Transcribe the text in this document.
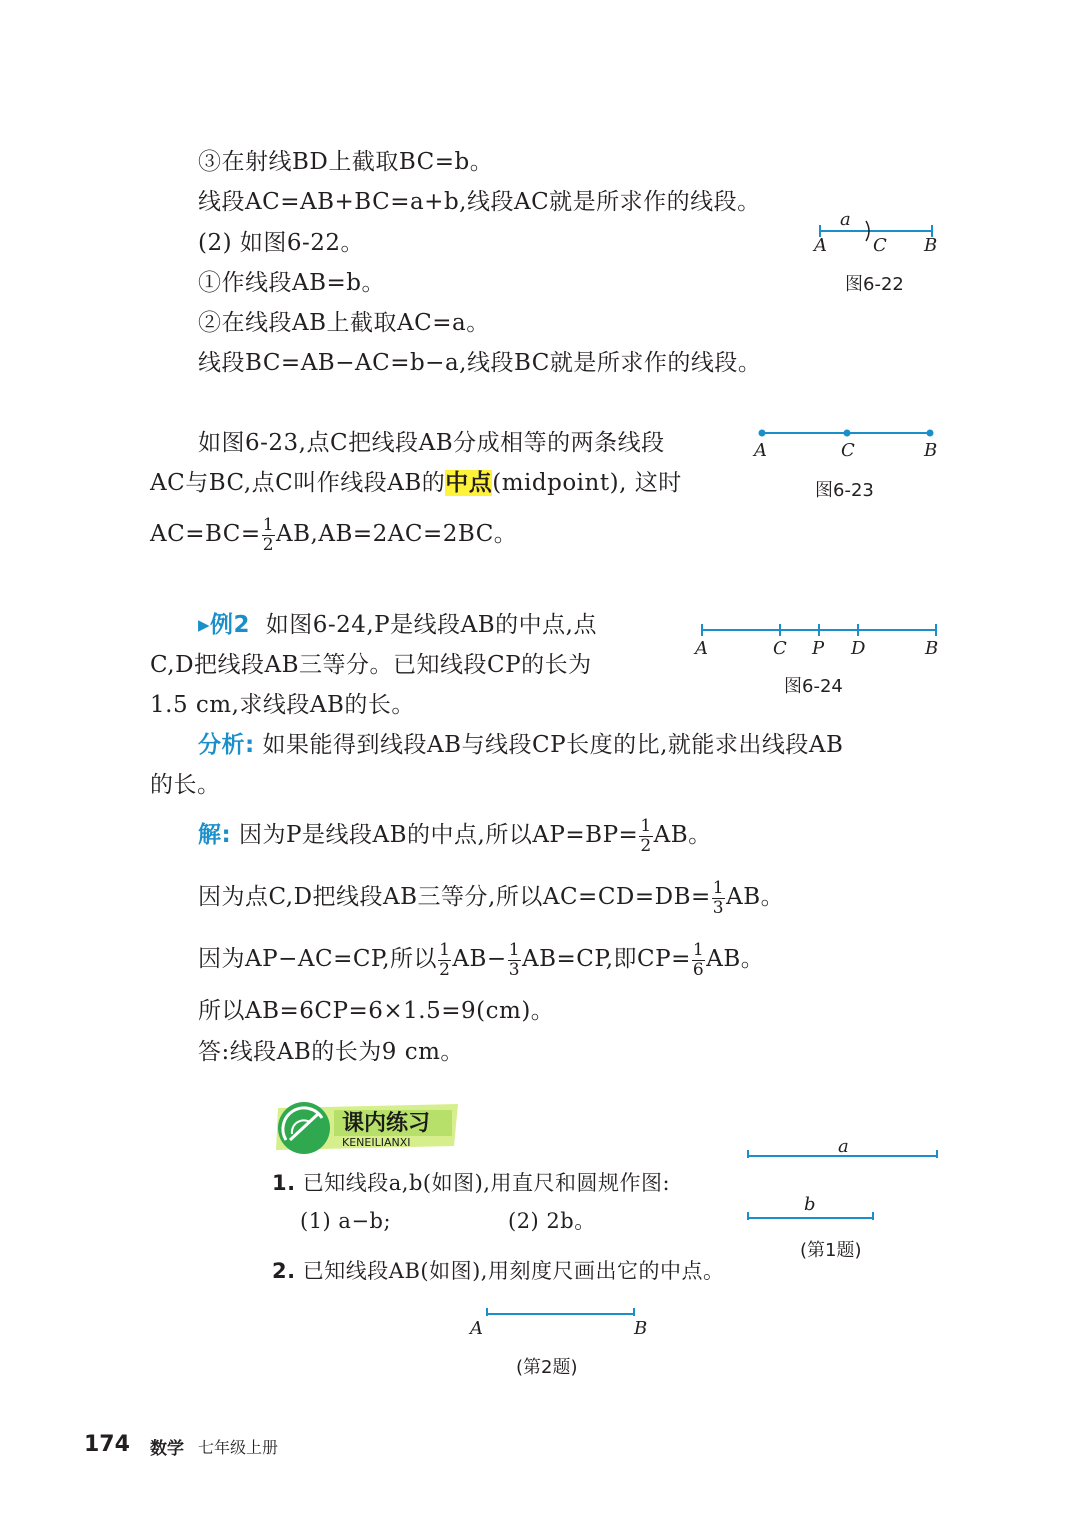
③在射线BD上截取BC=b。
线段AC=AB+BC=a+b,线段AC就是所求作的线段。
(2) 如图6-22。
①作线段AB=b。
②在线段AB上截取AC=a。
线段BC=AB−AC=b−a,线段BC就是所求作的线段。
a
A	C B
图6-22
如图6-23,点C把线段AB分成相等的两条线段
AC与BC,点C叫作线段AB的中点(midpoint), 这时
$AC=BC= \frac{1}{2} AB,AB=2AC=2BC$。
A	C	B
图6-23
▸例2 如图6-24,P是线段AB的中点,点
C,D把线段AB三等分。已知线段CP的长为
1.5 cm,求线段AB的长。
A	C P D	B
图6-24
分析: 如果能得到线段AB与线段CP长度的比,就能求出线段AB
的长。
解: 因为P是线段AB的中点,所以$AP=BP= \frac{1}{2}$ AB。
因为点C,D把线段AB三等分,所以$AC=CD=DB= \frac{1}{3}$ AB。
因为AP−AC=CP,所以 $\frac{1}{2} AB- \frac{1}{3} AB=CP$,即$CP= \frac{1}{6}$ AB。
所以AB=6CP=6×1.5=9(cm)。
答:线段AB的长为9 cm。
课内练习
KENEILIANXI
1. 已知线段a,b(如图),用直尺和圆规作图:
(1) a−b;	(2) 2b。
a
b
(第1题)
2. 已知线段AB(如图),用刻度尺画出它的中点。
A	B
(第2题)
174 数学 七年级上册
